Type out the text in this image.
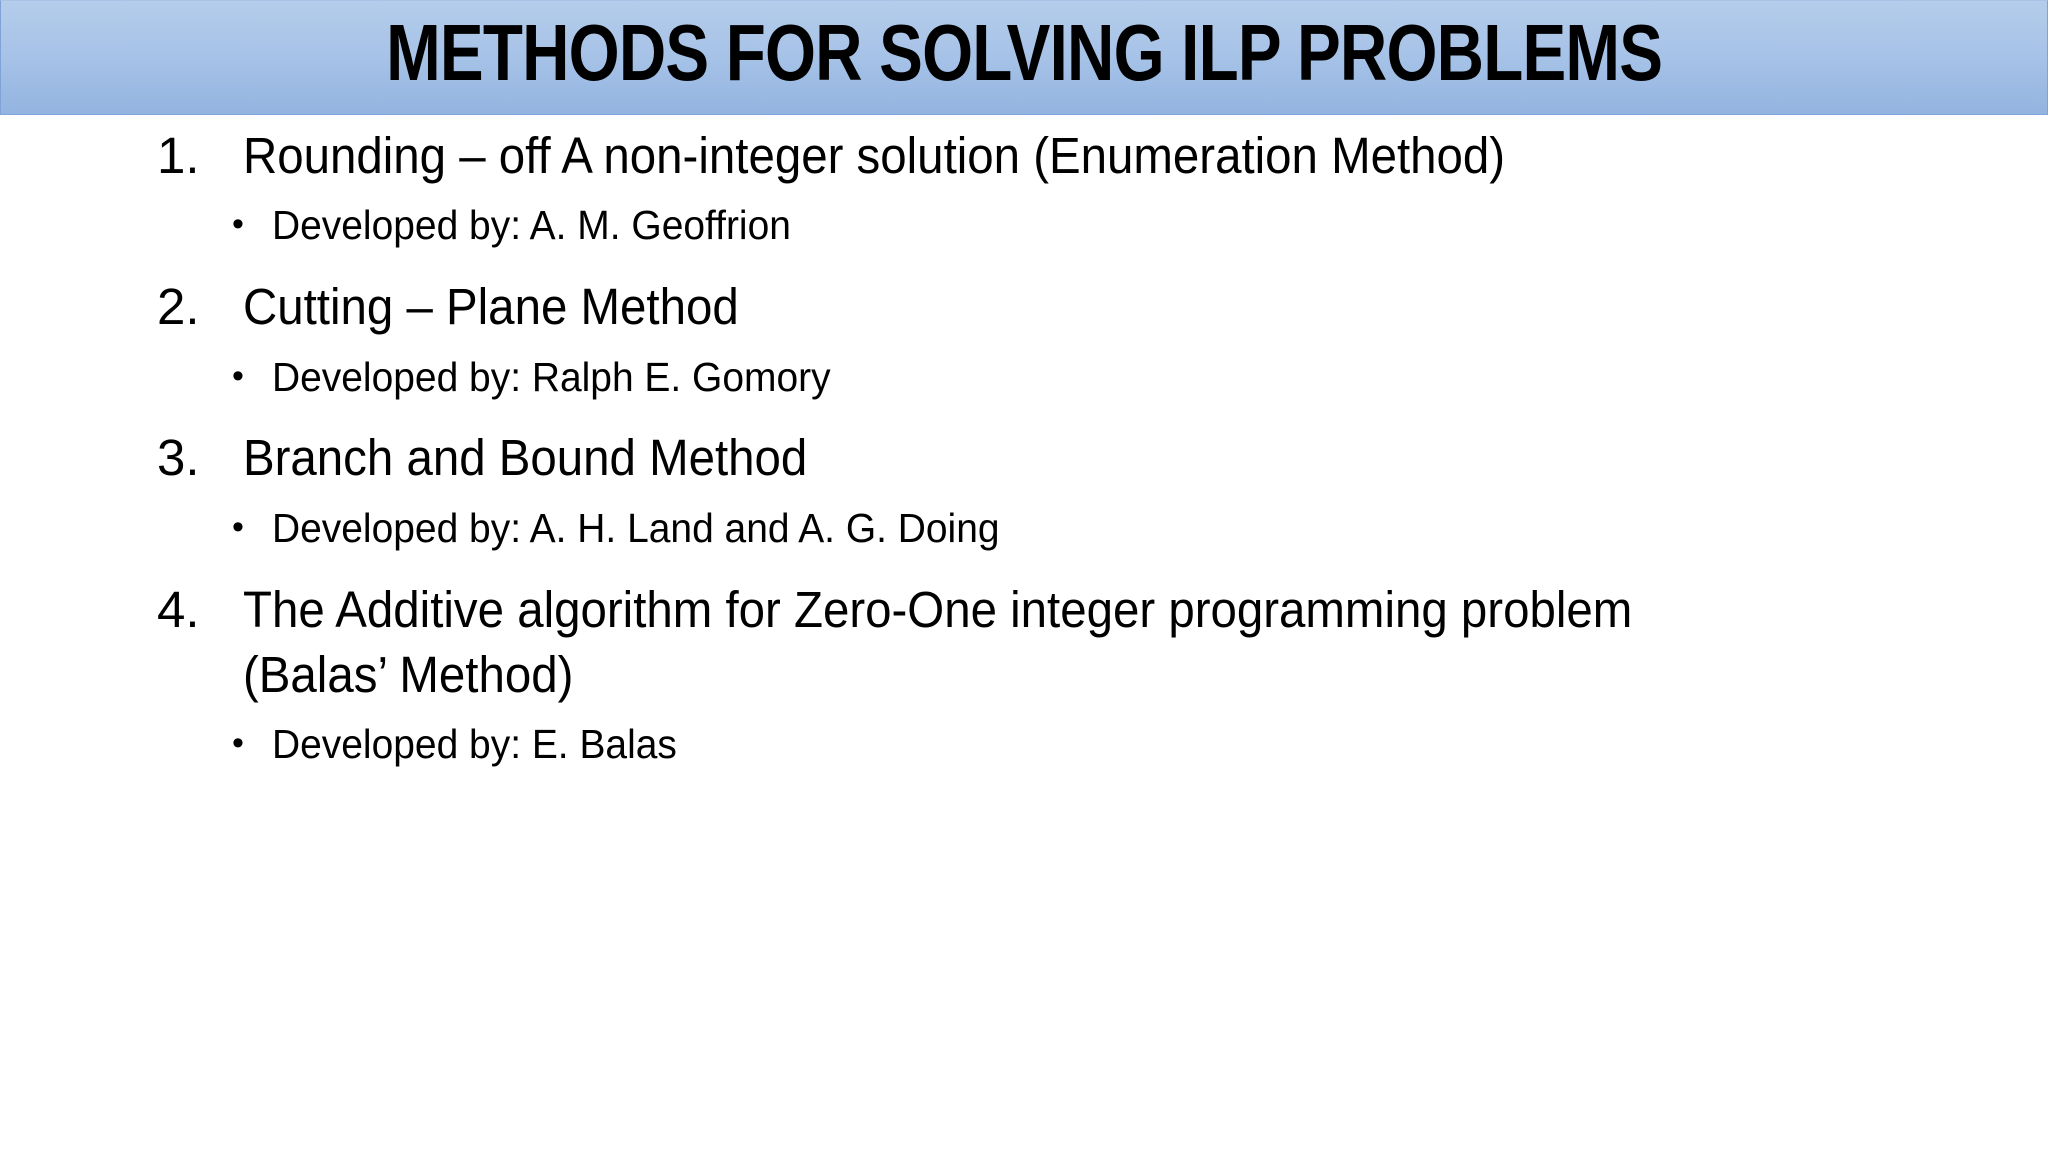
METHODS FOR SOLVING ILP PROBLEMS
1. Rounding – off A non-integer solution (Enumeration Method)
• Developed by: A. M. Geoffrion
2. Cutting – Plane Method
• Developed by: Ralph E. Gomory
3. Branch and Bound Method
• Developed by: A. H. Land and A. G. Doing
4. The Additive algorithm for Zero-One integer programming problem
(Balas’ Method)
• Developed by: E. Balas
